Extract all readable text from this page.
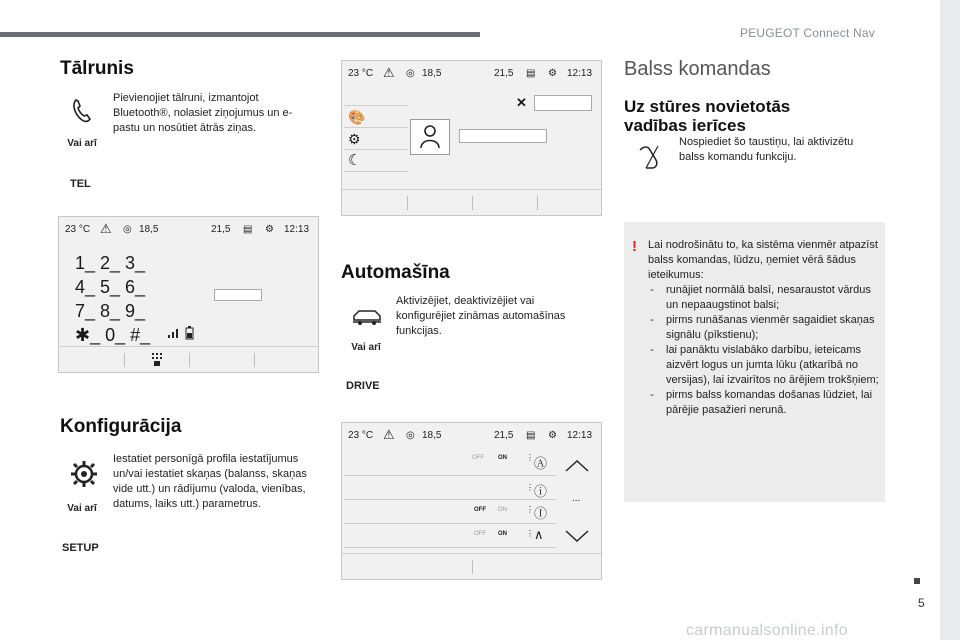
PEUGEOT Connect Nav
5
carmanualsonline.info
Tālrunis
Vai arī
TEL
Pievienojiet tālruni, izmantojot Bluetooth®, nolasiet ziņojumus un e-pastu un nosūtiet ātrās ziņas.
23 °C ⚠ ◎ 18,5	21,5 ▤ ⚙ 12:13
1_ 2_ 3_
4_ 5_ 6_
7_ 8_ 9_
✱_ 0_ #_
Konfigurācija
Vai arī
SETUP
Iestatiet personīgā profila iestatījumus un/vai iestatiet skaņas (balanss, skaņas vide utt.) un rādījumu (valoda, vienības, datums, laiks utt.) parametrus.
23 °C ⚠ ◎ 18,5	21,5 ▤ ⚙ 12:13
🎨
⚙
☾
✕
Automašīna
Vai arī
DRIVE
Aktivizējiet, deaktivizējiet vai konfigurējiet zināmas automašīnas funkcijas.
23 °C ⚠ ◎ 18,5	21,5 ▤ ⚙ 12:13
OFF ON ⋮ Ⓐ
⋮ ⓘ
OFF ON ⋮ Ⓘ
OFF ON ⋮ ∧
...
Balss komandas
Uz stūres novietotās vadības ierīces
Nospiediet šo taustiņu, lai aktivizētu balss komandu funkciju.
! Lai nodrošinātu to, ka sistēma vienmēr atpazīst balss komandas, lūdzu, ņemiet vērā šādus ieteikumus:
- runājiet normālā balsī, nesaraustot vārdus un nepaaugstinot balsi;
- pirms runāšanas vienmēr sagaidiet skaņas signālu (pīkstienu);
- lai panāktu vislabāko darbību, ieteicams aizvērt logus un jumta lūku (atkarībā no versijas), lai izvairītos no ārējiem trokšņiem;
- pirms balss komandas došanas lūdziet, lai pārējie pasažieri nerunā.
